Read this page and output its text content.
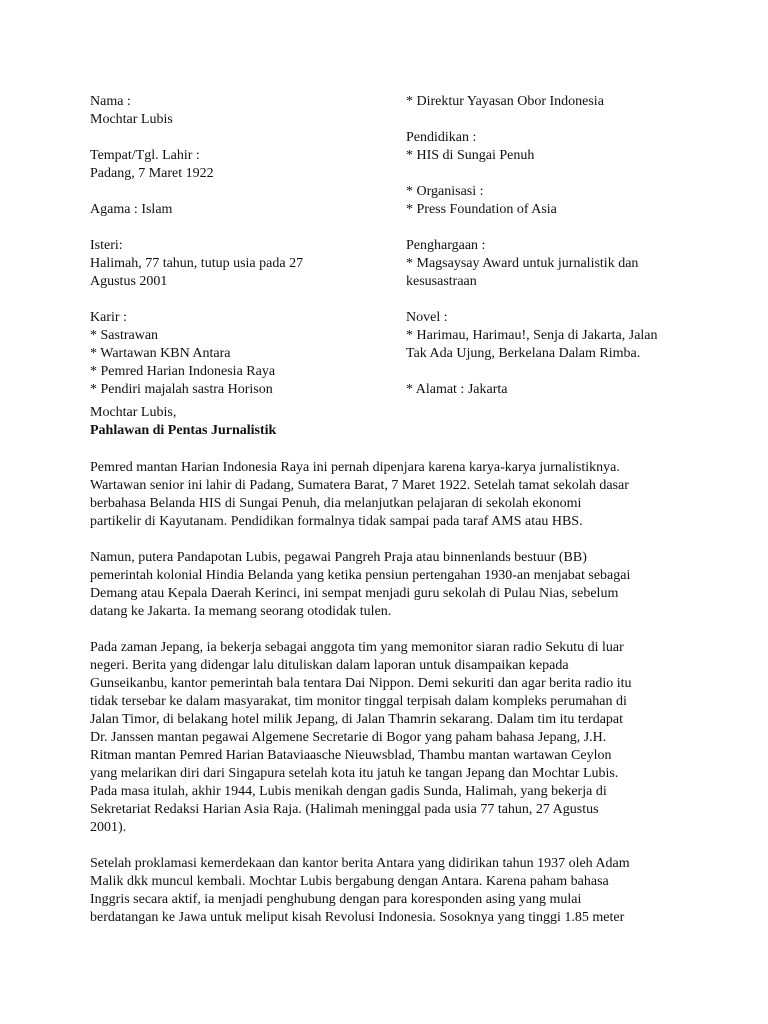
Nama :
Mochtar Lubis
Tempat/Tgl. Lahir :
Padang, 7 Maret 1922
Agama : Islam
Isteri:
Halimah, 77 tahun, tutup usia pada 27
Agustus 2001
Karir :
* Sastrawan
* Wartawan KBN Antara
* Pemred Harian Indonesia Raya
* Pendiri majalah sastra Horison
* Direktur Yayasan Obor Indonesia
Pendidikan :
* HIS di Sungai Penuh
* Organisasi :
* Press Foundation of Asia
Penghargaan :
* Magsaysay Award untuk jurnalistik dan
kesusastraan
Novel :
* Harimau, Harimau!, Senja di Jakarta, Jalan
Tak Ada Ujung, Berkelana Dalam Rimba.
* Alamat : Jakarta
Mochtar Lubis,
Pahlawan di Pentas Jurnalistik
Pemred mantan Harian Indonesia Raya ini pernah dipenjara karena karya-karya jurnalistiknya.
Wartawan senior ini lahir di Padang, Sumatera Barat, 7 Maret 1922. Setelah tamat sekolah dasar
berbahasa Belanda HIS di Sungai Penuh, dia melanjutkan pelajaran di sekolah ekonomi
partikelir di Kayutanam. Pendidikan formalnya tidak sampai pada taraf AMS atau HBS.
Namun, putera Pandapotan Lubis, pegawai Pangreh Praja atau binnenlands bestuur (BB)
pemerintah kolonial Hindia Belanda yang ketika pensiun pertengahan 1930-an menjabat sebagai
Demang atau Kepala Daerah Kerinci, ini sempat menjadi guru sekolah di Pulau Nias, sebelum
datang ke Jakarta. Ia memang seorang otodidak tulen.
Pada zaman Jepang, ia bekerja sebagai anggota tim yang memonitor siaran radio Sekutu di luar
negeri. Berita yang didengar lalu dituliskan dalam laporan untuk disampaikan kepada
Gunseikanbu, kantor pemerintah bala tentara Dai Nippon. Demi sekuriti dan agar berita radio itu
tidak tersebar ke dalam masyarakat, tim monitor tinggal terpisah dalam kompleks perumahan di
Jalan Timor, di belakang hotel milik Jepang, di Jalan Thamrin sekarang. Dalam tim itu terdapat
Dr. Janssen mantan pegawai Algemene Secretarie di Bogor yang paham bahasa Jepang, J.H.
Ritman mantan Pemred Harian Bataviaasche Nieuwsblad, Thambu mantan wartawan Ceylon
yang melarikan diri dari Singapura setelah kota itu jatuh ke tangan Jepang dan Mochtar Lubis.
Pada masa itulah, akhir 1944, Lubis menikah dengan gadis Sunda, Halimah, yang bekerja di
Sekretariat Redaksi Harian Asia Raja. (Halimah meninggal pada usia 77 tahun, 27 Agustus
2001).
Setelah proklamasi kemerdekaan dan kantor berita Antara yang didirikan tahun 1937 oleh Adam
Malik dkk muncul kembali. Mochtar Lubis bergabung dengan Antara. Karena paham bahasa
Inggris secara aktif, ia menjadi penghubung dengan para koresponden asing yang mulai
berdatangan ke Jawa untuk meliput kisah Revolusi Indonesia. Sosoknya yang tinggi 1.85 meter
